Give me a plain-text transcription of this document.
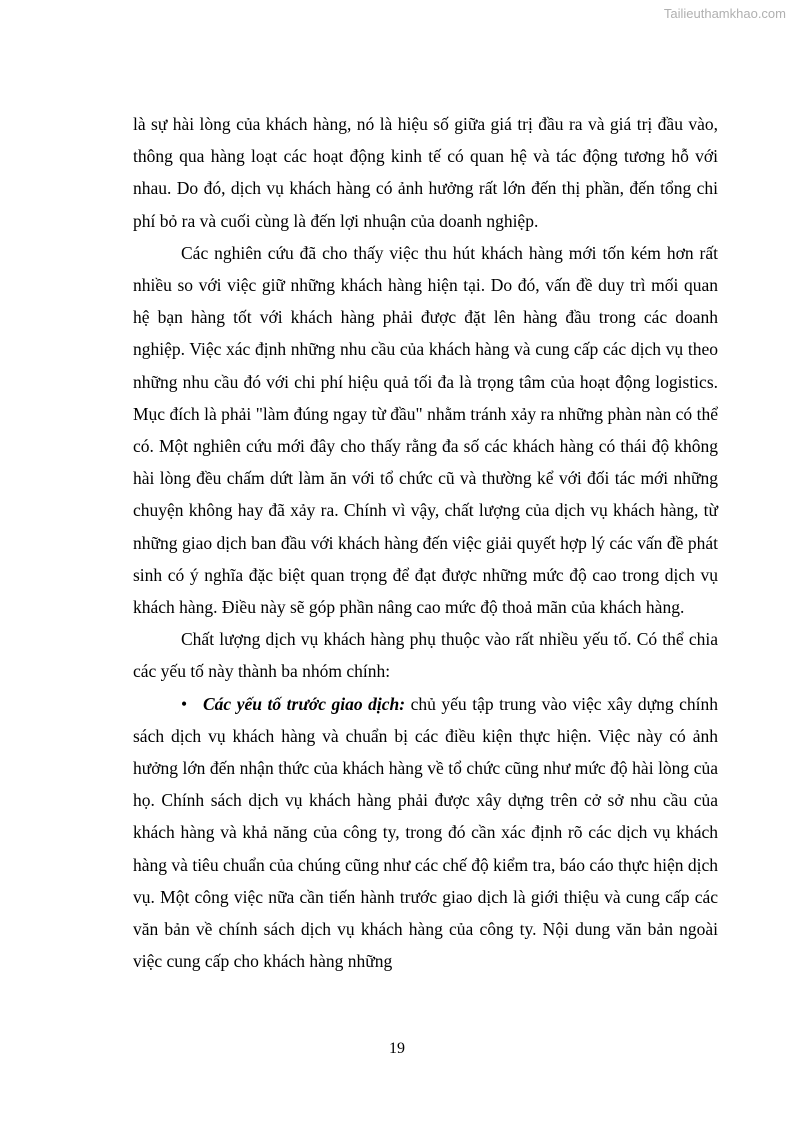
Tailieuthamkhao.com

là sự hài lòng của khách hàng, nó là hiệu số giữa giá trị đầu ra và giá trị đầu vào, thông qua hàng loạt các hoạt động kinh tế có quan hệ và tác động tương hỗ với nhau. Do đó, dịch vụ khách hàng có ảnh hưởng rất lớn đến thị phần, đến tổng chi phí bỏ ra và cuối cùng là đến lợi nhuận của doanh nghiệp.

Các nghiên cứu đã cho thấy việc thu hút khách hàng mới tốn kém hơn rất nhiều so với việc giữ những khách hàng hiện tại. Do đó, vấn đề duy trì mối quan hệ bạn hàng tốt với khách hàng phải được đặt lên hàng đầu trong các doanh nghiệp. Việc xác định những nhu cầu của khách hàng và cung cấp các dịch vụ theo những nhu cầu đó với chi phí hiệu quả tối đa là trọng tâm của hoạt động logistics. Mục đích là phải "làm đúng ngay từ đầu" nhằm tránh xảy ra những phàn nàn có thể có. Một nghiên cứu mới đây cho thấy rằng đa số các khách hàng có thái độ không hài lòng đều chấm dứt làm ăn với tổ chức cũ và thường kể với đối tác mới những chuyện không hay đã xảy ra. Chính vì vậy, chất lượng của dịch vụ khách hàng, từ những giao dịch ban đầu với khách hàng đến việc giải quyết hợp lý các vấn đề phát sinh có ý nghĩa đặc biệt quan trọng để đạt được những mức độ cao trong dịch vụ khách hàng. Điều này sẽ góp phần nâng cao mức độ thoả mãn của khách hàng.

Chất lượng dịch vụ khách hàng phụ thuộc vào rất nhiều yếu tố. Có thể chia các yếu tố này thành ba nhóm chính:

• Các yếu tố trước giao dịch: chủ yếu tập trung vào việc xây dựng chính sách dịch vụ khách hàng và chuẩn bị các điều kiện thực hiện. Việc này có ảnh hưởng lớn đến nhận thức của khách hàng về tổ chức cũng như mức độ hài lòng của họ. Chính sách dịch vụ khách hàng phải được xây dựng trên cở sở nhu cầu của khách hàng và khả năng của công ty, trong đó cần xác định rõ các dịch vụ khách hàng và tiêu chuẩn của chúng cũng như các chế độ kiểm tra, báo cáo thực hiện dịch vụ. Một công việc nữa cần tiến hành trước giao dịch là giới thiệu và cung cấp các văn bản về chính sách dịch vụ khách hàng của công ty. Nội dung văn bản ngoài việc cung cấp cho khách hàng những

19
